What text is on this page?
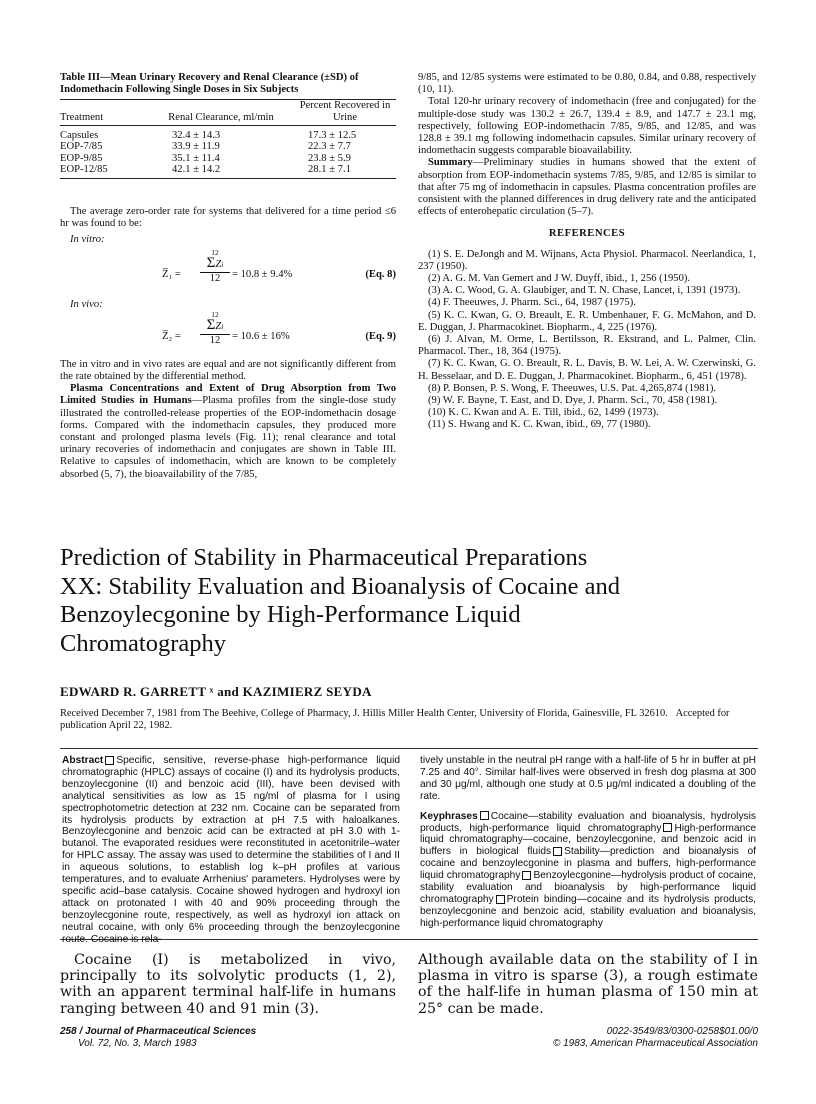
Table III—Mean Urinary Recovery and Renal Clearance (±SD) of Indomethacin Following Single Doses in Six Subjects
Treatment	Renal Clearance, ml/min	Percent Recovered in Urine

Capsules	32.4 ± 14.3	17.3 ± 12.5
EOP-7/85	33.9 ± 11.9	22.3 ± 7.7
EOP-9/85	35.1 ± 11.4	23.8 ± 5.9
EOP-12/85	42.1 ± 14.2	28.1 ± 7.1

The average zero-order rate for systems that delivered for a time period ≤6 hr was found to be:

In vitro:
12
ΣZi
12
Z̅₁ =	= 10.8 ± 9.4%	(Eq. 8)
In vivo:
12
ΣZi
12
Z̅₂ =	= 10.6 ± 16%	(Eq. 9)

The in vitro and in vivo rates are equal and are not significantly different from the rate obtained by the differential method.

Plasma Concentrations and Extent of Drug Absorption from Two Limited Studies in Humans—Plasma profiles from the single-dose study illustrated the controlled-release properties of the EOP-indomethacin dosage forms. Compared with the indomethacin capsules, they produced more constant and prolonged plasma levels (Fig. 11); renal clearance and total urinary recoveries of indomethacin and conjugates are shown in Table III. Relative to capsules of indomethacin, which are known to be completely absorbed (5, 7), the bioavailability of the 7/85,

9/85, and 12/85 systems were estimated to be 0.80, 0.84, and 0.88, respectively (10, 11).

Total 120-hr urinary recovery of indomethacin (free and conjugated) for the multiple-dose study was 130.2 ± 26.7, 139.4 ± 8.9, and 147.7 ± 23.1 mg, respectively, following EOP-indomethacin 7/85, 9/85, and 12/85, and was 128.8 ± 39.1 mg following indomethacin capsules. Similar urinary recovery of indomethacin suggests comparable bioavailability.

Summary—Preliminary studies in humans showed that the extent of absorption from EOP-indomethacin systems 7/85, 9/85, and 12/85 is similar to that after 75 mg of indomethacin in capsules. Plasma concentration profiles are consistent with the planned differences in drug delivery rate and the anticipated effects of enterohepatic circulation (5–7).

REFERENCES

(1) S. E. DeJongh and M. Wijnans, Acta Physiol. Pharmacol. Neerlandica, 1, 237 (1950).

(2) A. G. M. Van Gemert and J W. Duyff, ibid., 1, 256 (1950).

(3) A. C. Wood, G. A. Glaubiger, and T. N. Chase, Lancet, i, 1391 (1973).

(4) F. Theeuwes, J. Pharm. Sci., 64, 1987 (1975).

(5) K. C. Kwan, G. O. Breault, E. R. Umbenhauer, F. G. McMahon, and D. E. Duggan, J. Pharmacokinet. Biopharm., 4, 225 (1976).

(6) J. Alvan, M. Orme, L. Bertilsson, R. Ekstrand, and L. Palmer, Clin. Pharmacol. Ther., 18, 364 (1975).

(7) K. C. Kwan, G. O. Breault, R. L. Davis, B. W. Lei, A. W. Czerwinski, G. H. Besselaar, and D. E. Duggan, J. Pharmacokinet. Biopharm., 6, 451 (1978).

(8) P. Bonsen, P. S. Wong, F. Theeuwes, U.S. Pat. 4,265,874 (1981).

(9) W. F. Bayne, T. East, and D. Dye, J. Pharm. Sci., 70, 458 (1981).

(10) K. C. Kwan and A. E. Till, ibid., 62, 1499 (1973).

(11) S. Hwang and K. C. Kwan, ibid., 69, 77 (1980).

Prediction of Stability in Pharmaceutical Preparations XX: Stability Evaluation and Bioanalysis of Cocaine and Benzoylecgonine by High-Performance Liquid Chromatography
EDWARD R. GARRETT ˣ and KAZIMIERZ SEYDA
Received December 7, 1981 from The Beehive, College of Pharmacy, J. Hillis Miller Health Center, University of Florida, Gainesville, FL 32610. Accepted for publication April 22, 1982.
Abstract Specific, sensitive, reverse-phase high-performance liquid chromatographic (HPLC) assays of cocaine (I) and its hydrolysis products, benzoylecgonine (II) and benzoic acid (III), have been devised with analytical sensitivities as low as 15 ng/ml of plasma for I using spectrophotometric detection at 232 nm. Cocaine can be separated from its hydrolysis products by extraction at pH 7.5 with haloalkanes. Benzoylecgonine and benzoic acid can be extracted at pH 3.0 with 1-butanol. The evaporated residues were reconstituted in acetonitrile–water for HPLC assay. The assay was used to determine the stabilities of I and II in aqueous solutions, to establish log k–pH profiles at various temperatures, and to evaluate Arrhenius' parameters. Hydrolyses were by specific acid–base catalysis. Cocaine showed hydrogen and hydroxyl ion attack on protonated I with 40 and 90% proceeding through the benzoylecgonine route, respectively, as well as hydroxyl ion attack on neutral cocaine, with only 6% proceeding through the benzoylecgonine route. Cocaine is rela-
tively unstable in the neutral pH range with a half-life of 5 hr in buffer at pH 7.25 and 40°. Similar half-lives were observed in fresh dog plasma at 300 and 30 μg/ml, although one study at 0.5 μg/ml indicated a doubling of the rate.
Keyphrases Cocaine—stability evaluation and bioanalysis, hydrolysis products, high-performance liquid chromatography High-performance liquid chromatography—cocaine, benzoylecgonine, and benzoic acid in buffers in biological fluids Stability—prediction and bioanalysis of cocaine and benzoylecgonine in plasma and buffers, high-performance liquid chromatography Benzoylecgonine—hydrolysis product of cocaine, stability evaluation and bioanalysis by high-performance liquid chromatography Protein binding—cocaine and its hydrolysis products, benzoylecgonine and benzoic acid, stability evaluation and bioanalysis, high-performance liquid chromatography
Cocaine (I) is metabolized in vivo, principally to its solvolytic products (1, 2), with an apparent terminal half-life in humans ranging between 40 and 91 min (3).
Although available data on the stability of I in plasma in vitro is sparse (3), a rough estimate of the half-life in human plasma of 150 min at 25° can be made.
258 / Journal of Pharmaceutical Sciences
Vol. 72, No. 3, March 1983
0022-3549/83/0300-0258$01.00/0
© 1983, American Pharmaceutical Association
